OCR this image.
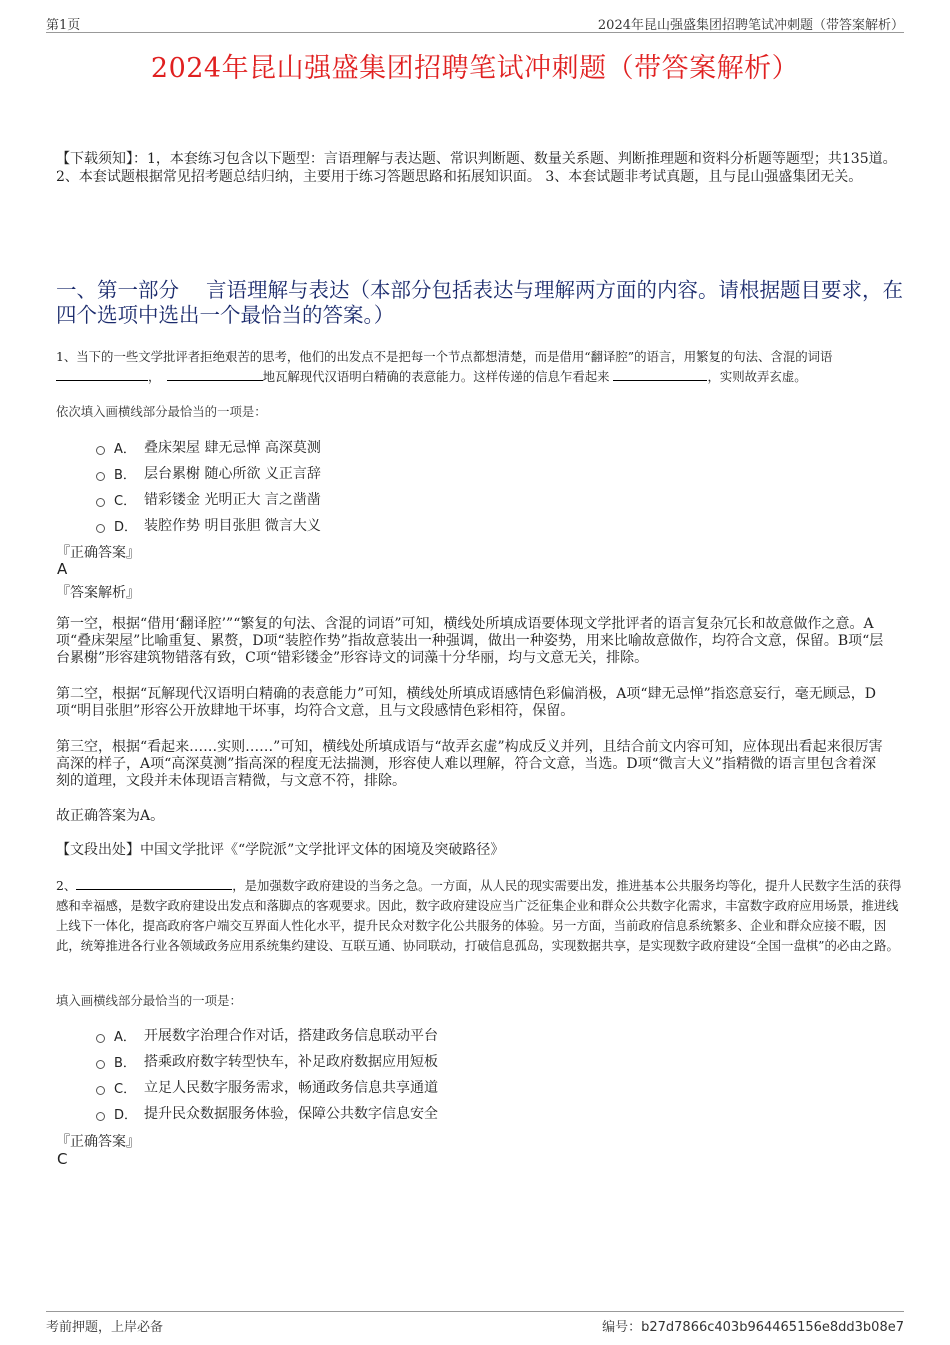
第1页	2024年昆山强盛集团招聘笔试冲刺题（带答案解析）
2024年昆山强盛集团招聘笔试冲刺题（带答案解析）
【下载须知】：1，本套练习包含以下题型：言语理解与表达题、常识判断题、数量关系题、判断推理题和资料分析题等题型；共135道。 2、本套试题根据常见招考题总结归纳，主要用于练习答题思路和拓展知识面。 3、本套试题非考试真题，且与昆山强盛集团无关。
一、第一部分　 言语理解与表达（本部分包括表达与理解两方面的内容。请根据题目要求，在四个选项中选出一个最恰当的答案。）
1、当下的一些文学批评者拒绝艰苦的思考，他们的出发点不是把每一个节点都想清楚，而是借用“翻译腔”的语言，用繁复的句法、含混的词语
，　	地瓦解现代汉语明白精确的表意能力。这样传递的信息乍看起来	，实则故弄玄虚。
依次填入画横线部分最恰当的一项是：
A． 叠床架屋 肆无忌惮 高深莫测
B． 层台累榭 随心所欲 义正言辞
C． 错彩镂金 光明正大 言之凿凿
D． 装腔作势 明目张胆 微言大义
『正确答案』
A
『答案解析』
第一空，根据“借用‘翻译腔’”“繁复的句法、含混的词语”可知，横线处所填成语要体现文学批评者的语言复杂冗长和故意做作之意。A项“叠床架屋”比喻重复、累赘，D项“装腔作势”指故意装出一种强调，做出一种姿势，用来比喻故意做作，均符合文意，保留。B项“层台累榭”形容建筑物错落有致，C项“错彩镂金”形容诗文的词藻十分华丽，均与文意无关，排除。
第二空，根据“瓦解现代汉语明白精确的表意能力”可知，横线处所填成语感情色彩偏消极，A项“肆无忌惮”指恣意妄行，毫无顾忌，D项“明目张胆”形容公开放肆地干坏事，均符合文意，且与文段感情色彩相符，保留。
第三空，根据“看起来……实则……”可知，横线处所填成语与“故弄玄虚”构成反义并列，且结合前文内容可知，应体现出看起来很厉害高深的样子，A项“高深莫测”指高深的程度无法揣测，形容使人难以理解，符合文意，当选。D项“微言大义”指精微的语言里包含着深刻的道理，文段并未体现语言精微，与文意不符，排除。
故正确答案为A。
【文段出处】中国文学批评《“学院派”文学批评文体的困境及突破路径》
2、	，是加强数字政府建设的当务之急。一方面，从人民的现实需要出发，推进基本公共服务均等化，提升人民数字生活的获得感和幸福感，是数字政府建设出发点和落脚点的客观要求。因此，数字政府建设应当广泛征集企业和群众公共数字化需求，丰富数字政府应用场景，推进线上线下一体化，提高政府客户端交互界面人性化水平，提升民众对数字化公共服务的体验。另一方面，当前政府信息系统繁多、企业和群众应接不暇，因此，统筹推进各行业各领域政务应用系统集约建设、互联互通、协同联动，打破信息孤岛，实现数据共享，是实现数字政府建设“全国一盘棋”的必由之路。
填入画横线部分最恰当的一项是：
A． 开展数字治理合作对话，搭建政务信息联动平台
B． 搭乘政府数字转型快车，补足政府数据应用短板
C． 立足人民数字服务需求，畅通政务信息共享通道
D． 提升民众数据服务体验，保障公共数字信息安全
『正确答案』
C
考前押题，上岸必备	编号：b27d7866c403b964465156e8dd3b08e7
